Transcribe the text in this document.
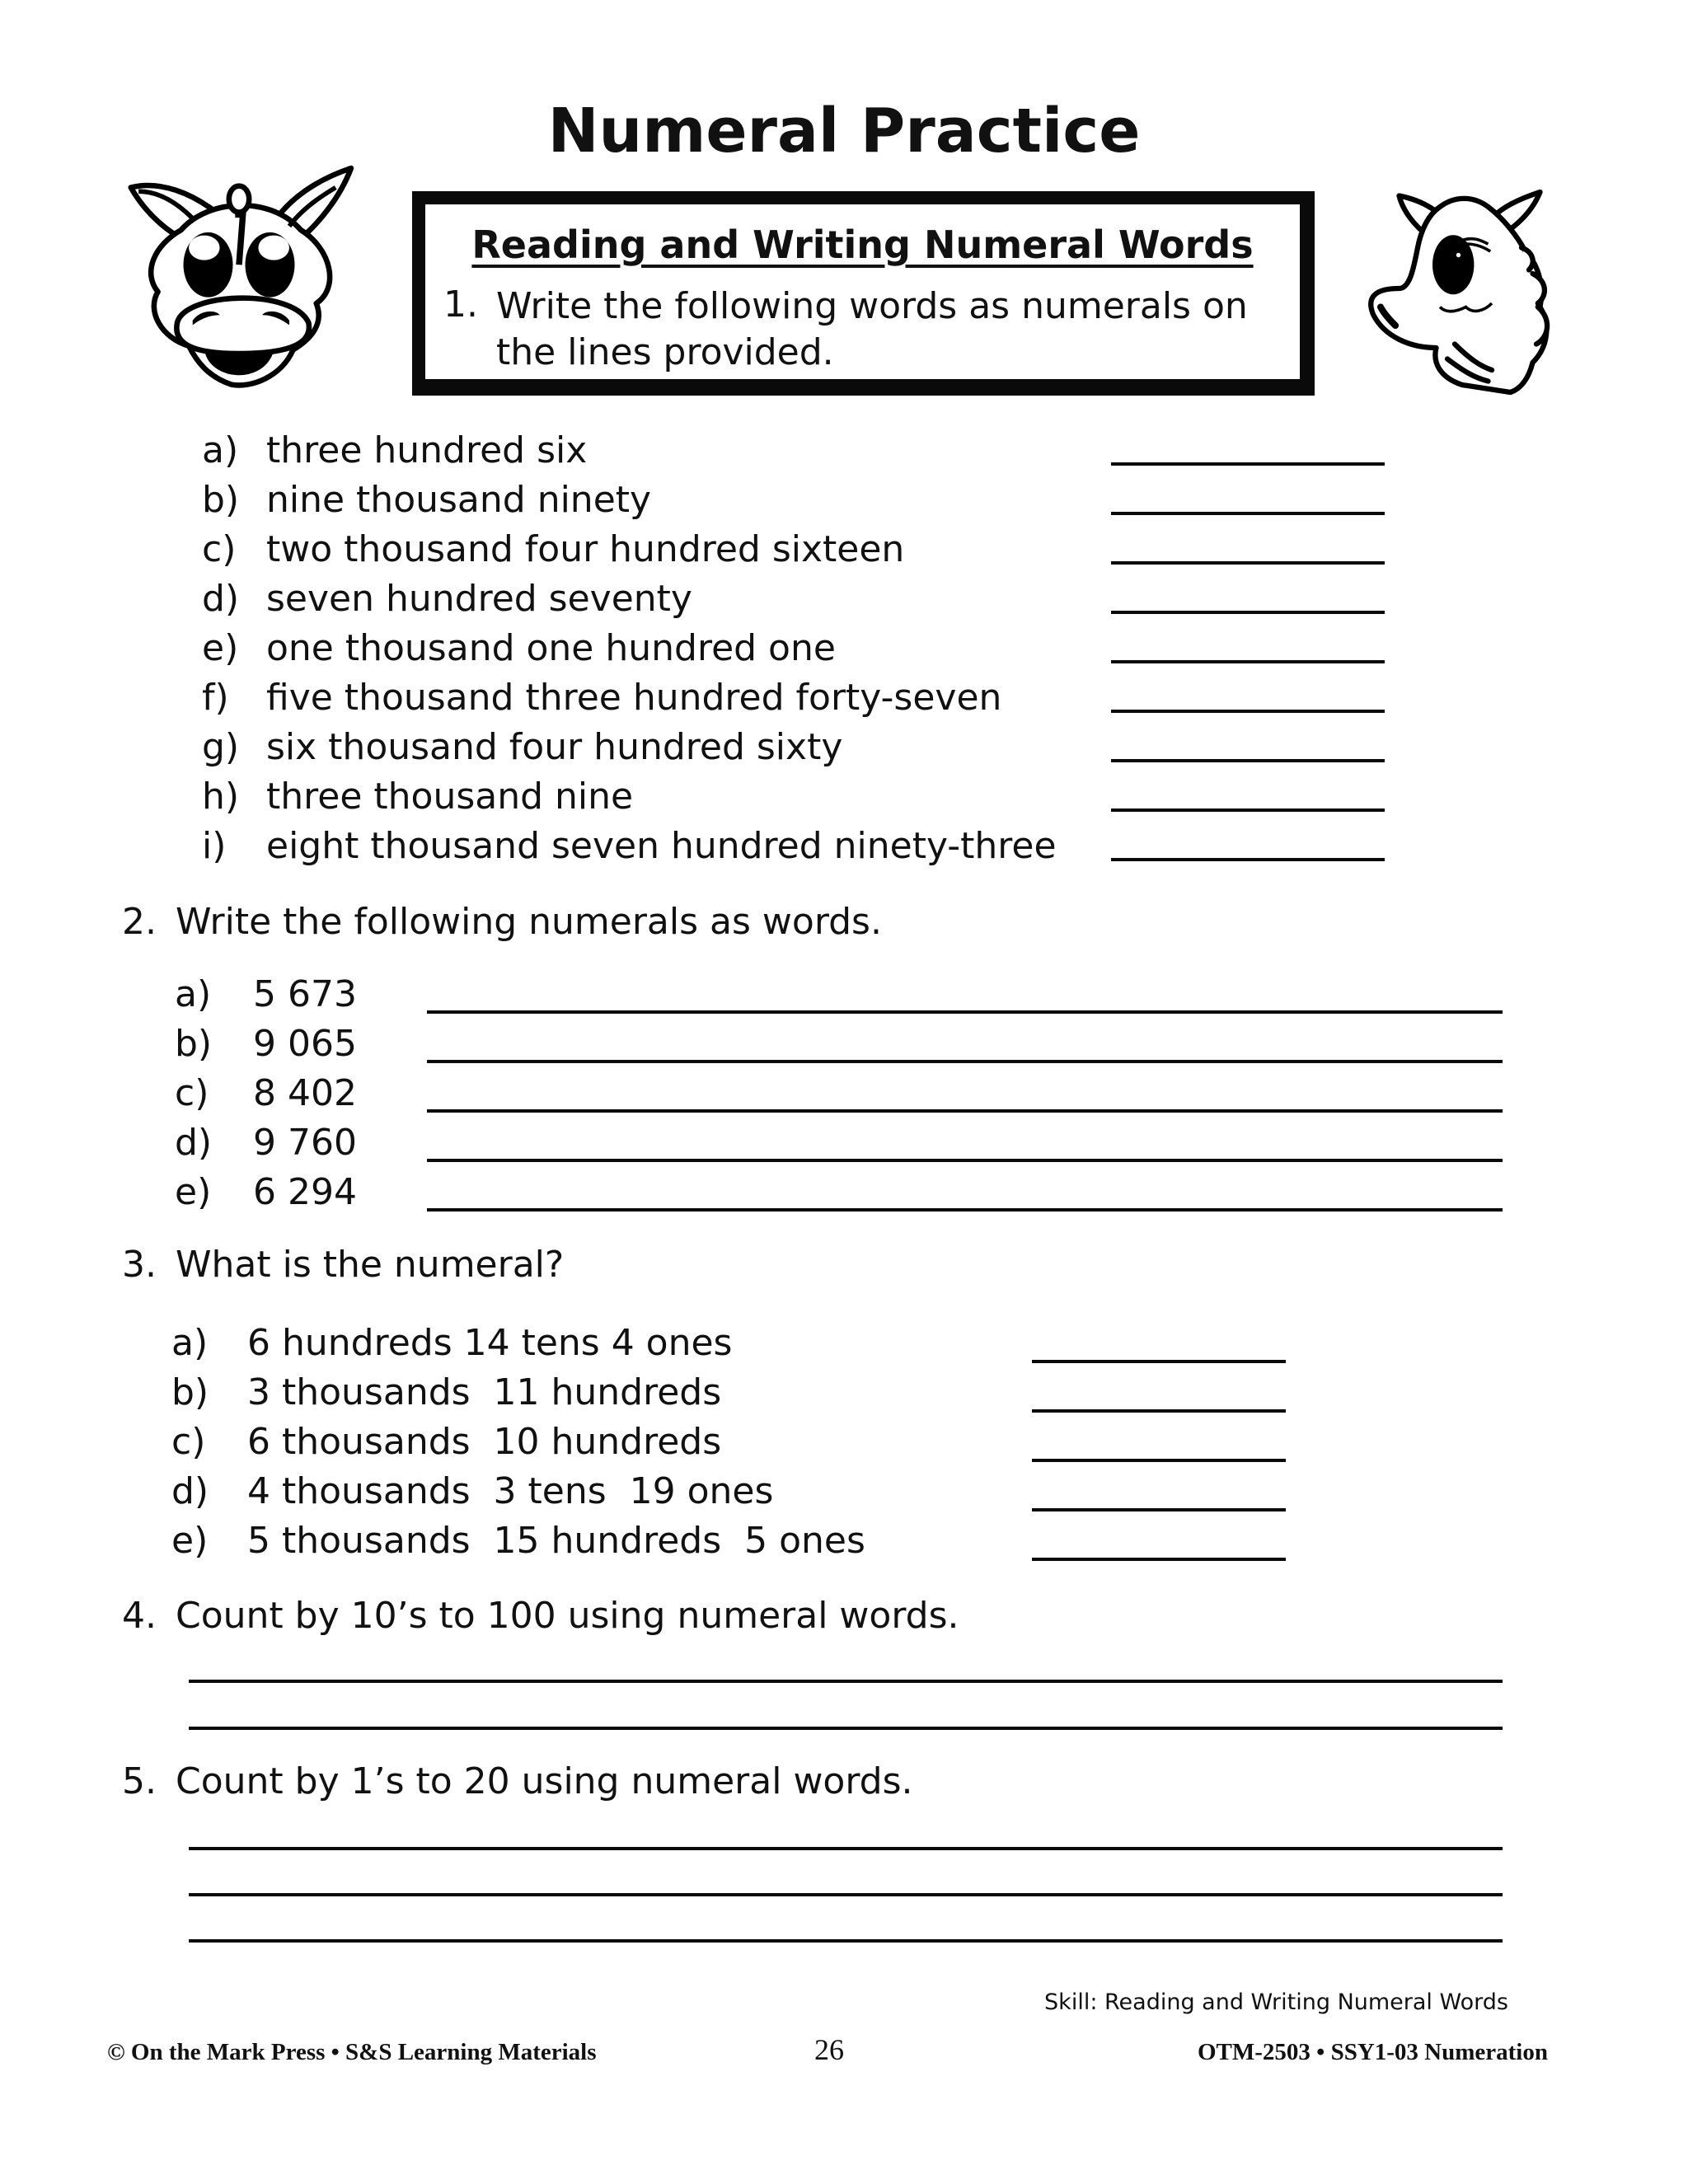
Numeral Practice
Reading and Writing Numeral Words
1. Write the following words as numerals on the lines provided.
a) three hundred six
b) nine thousand ninety
c) two thousand four hundred sixteen
d) seven hundred seventy
e) one thousand one hundred one
f) five thousand three hundred forty-seven
g) six thousand four hundred sixty
h) three thousand nine
i) eight thousand seven hundred ninety-three
2. Write the following numerals as words.
a) 5 673
b) 9 065
c) 8 402
d) 9 760
e) 6 294
3. What is the numeral?
a) 6 hundreds 14 tens 4 ones
b) 3 thousands  11 hundreds
c) 6 thousands  10 hundreds
d) 4 thousands  3 tens  19 ones
e) 5 thousands  15 hundreds  5 ones
4. Count by 10’s to 100 using numeral words.
5. Count by 1’s to 20 using numeral words.
Skill: Reading and Writing Numeral Words
© On the Mark Press • S&S Learning Materials	26	OTM-2503 • SSY1-03 Numeration
